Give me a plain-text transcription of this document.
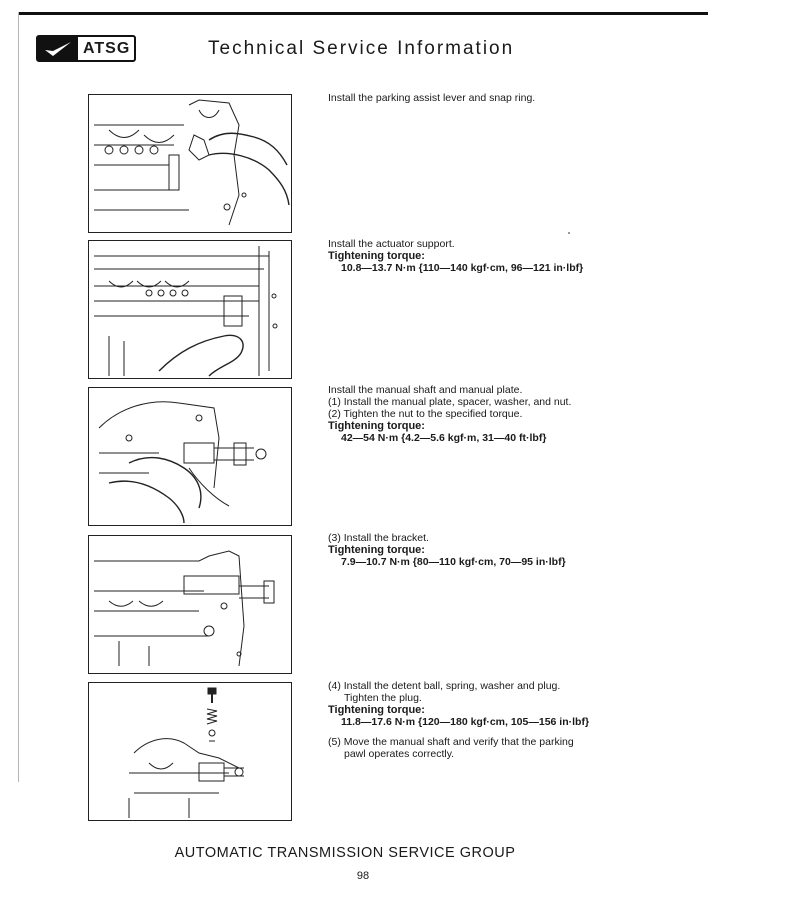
ATSG	Technical Service Information

Install the parking assist lever and snap ring.

Install the actuator support.

Tightening torque:

10.8—13.7 N·m {110—140 kgf·cm, 96—121 in·lbf}

Install the manual shaft and manual plate.

(1) Install the manual plate, spacer, washer, and nut.

(2) Tighten the nut to the specified torque.

Tightening torque:

42—54 N·m {4.2—5.6 kgf·m, 31—40 ft·lbf}

(3) Install the bracket.

Tightening torque:

7.9—10.7 N·m {80—110 kgf·cm, 70—95 in·lbf}

(4) Install the detent ball, spring, washer and plug.

Tighten the plug.

Tightening torque:

11.8—17.6 N·m {120—180 kgf·cm, 105—156 in·lbf}

(5) Move the manual shaft and verify that the parking

pawl operates correctly.

AUTOMATIC TRANSMISSION SERVICE GROUP
98
